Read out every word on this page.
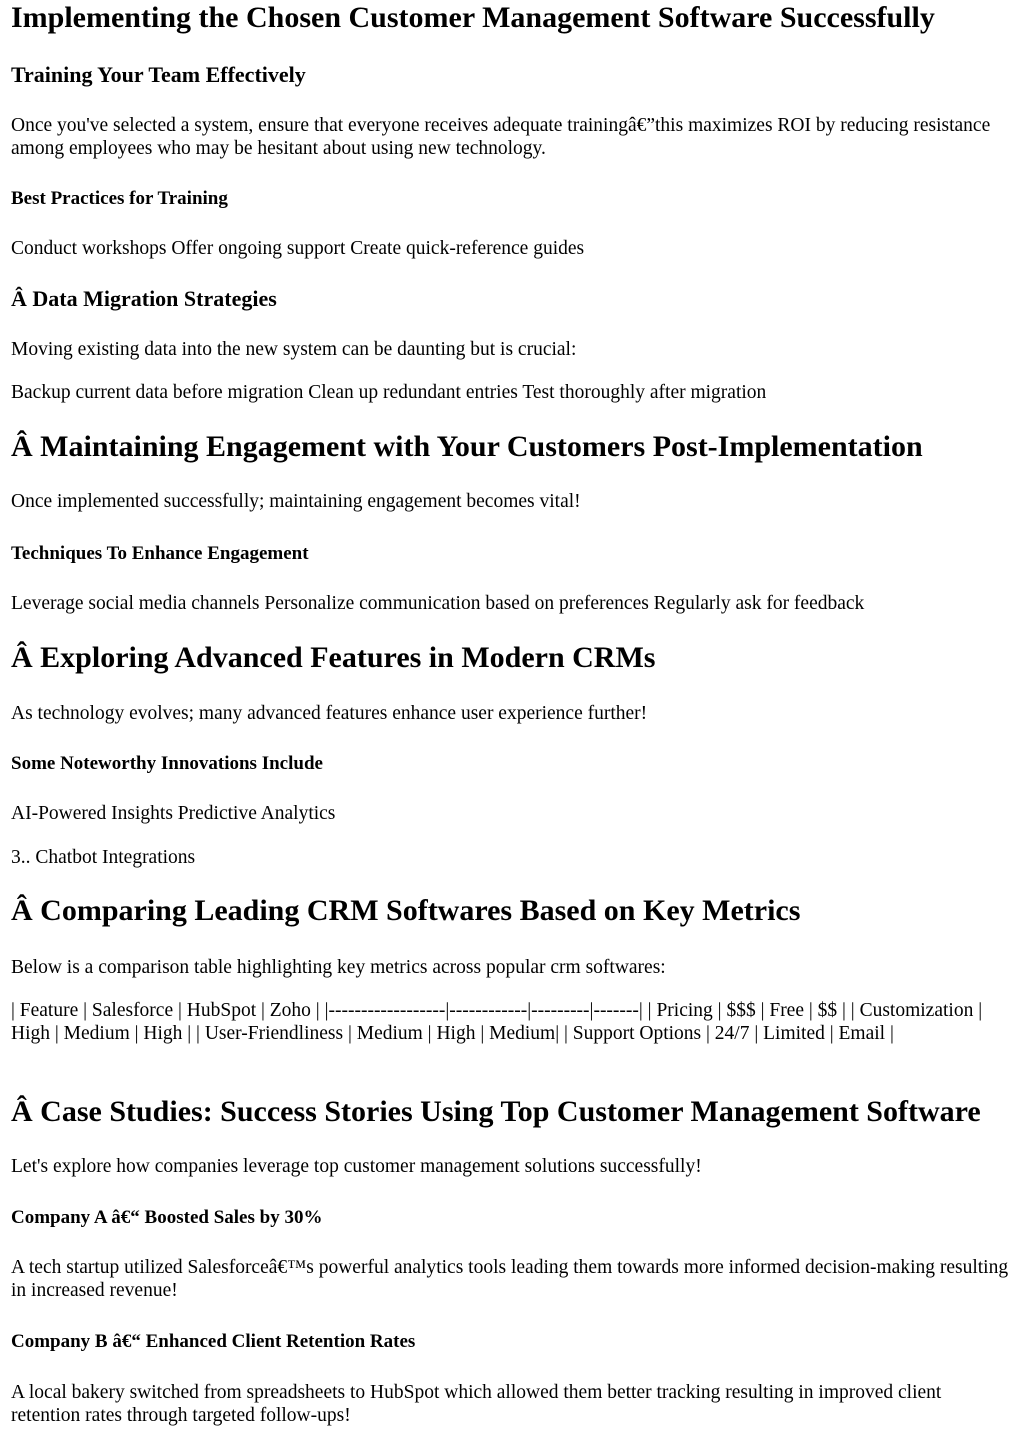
Implementing the Chosen Customer Management Software Successfully
Training Your Team Effectively

Once you've selected a system, ensure that everyone receives adequate trainingâ€”this maximizes ROI by reducing resistance among employees who may be hesitant about using new technology.

Best Practices for Training

Conduct workshops Offer ongoing support Create quick-reference guides

Â Data Migration Strategies

Moving existing data into the new system can be daunting but is crucial:

Backup current data before migration Clean up redundant entries Test thoroughly after migration

Â Maintaining Engagement with Your Customers Post-Implementation

Once implemented successfully; maintaining engagement becomes vital!

Techniques To Enhance Engagement

Leverage social media channels Personalize communication based on preferences Regularly ask for feedback

Â Exploring Advanced Features in Modern CRMs

As technology evolves; many advanced features enhance user experience further!

Some Noteworthy Innovations Include

AI-Powered Insights Predictive Analytics

3.. Chatbot Integrations

Â Comparing Leading CRM Softwares Based on Key Metrics

Below is a comparison table highlighting key metrics across popular crm softwares:

| Feature | Salesforce | HubSpot | Zoho | |------------------|------------|---------|-------| | Pricing | $$$ | Free | $$ | | Customization | High | Medium | High | | User-Friendliness | Medium | High | Medium| | Support Options | 24/7 | Limited | Email |

Â Case Studies: Success Stories Using Top Customer Management Software

Let's explore how companies leverage top customer management solutions successfully!

Company A â€“ Boosted Sales by 30%

A tech startup utilized Salesforceâ€™s powerful analytics tools leading them towards more informed decision-making resulting in increased revenue!

Company B â€“ Enhanced Client Retention Rates

A local bakery switched from spreadsheets to HubSpot which allowed them better tracking resulting in improved client retention rates through targeted follow-ups!
